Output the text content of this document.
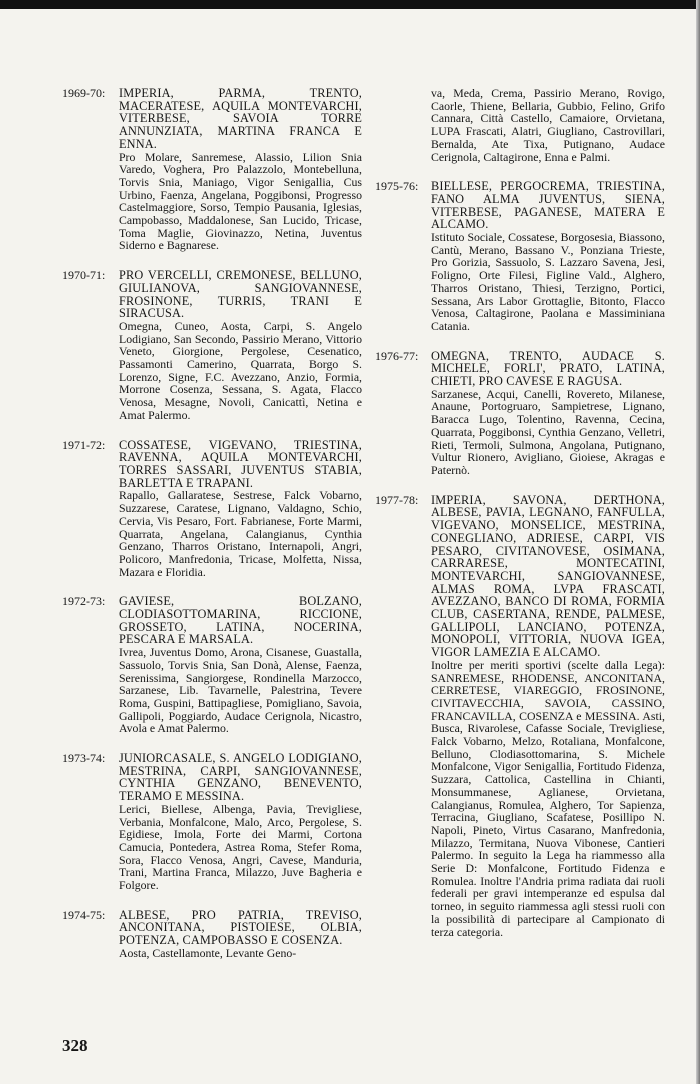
1969-70:	IMPERIA, PARMA, TRENTO, MACERATESE, AQUILA MONTEVARCHI, VITERBESE, SAVOIA TORRE ANNUNZIATA, MARTINA FRANCA E ENNA.

Pro Molare, Sanremese, Alassio, Lilion Snia Varedo, Voghera, Pro Palazzolo, Montebelluna, Torvis Snia, Maniago, Vigor Senigallia, Cus Urbino, Faenza, Angelana, Poggibonsi, Progresso Castelmaggiore, Sorso, Tempio Pausania, Iglesias, Campobasso, Maddalonese, San Lucido, Tricase, Toma Maglie, Giovinazzo, Netina, Juventus Siderno e Bagnarese.

1970-71:	PRO VERCELLI, CREMONESE, BELLUNO, GIULIANOVA, SANGIOVANNESE, FROSINONE, TURRIS, TRANI E SIRACUSA.

Omegna, Cuneo, Aosta, Carpi, S. Angelo Lodigiano, San Secondo, Passirio Merano, Vittorio Veneto, Giorgione, Pergolese, Cesenatico, Passamonti Camerino, Quarrata, Borgo S. Lorenzo, Signe, F.C. Avezzano, Anzio, Formia, Morrone Cosenza, Sessana, S. Agata, Flacco Venosa, Mesagne, Novoli, Canicattì, Netina e Amat Palermo.

1971-72:	COSSATESE, VIGEVANO, TRIESTINA, RAVENNA, AQUILA MONTEVARCHI, TORRES SASSARI, JUVENTUS STABIA, BARLETTA E TRAPANI.

Rapallo, Gallaratese, Sestrese, Falck Vobarno, Suzzarese, Caratese, Lignano, Valdagno, Schio, Cervia, Vis Pesaro, Fort. Fabrianese, Forte Marmi, Quarrata, Angelana, Calangianus, Cynthia Genzano, Tharros Oristano, Internapoli, Angri, Policoro, Manfredonia, Tricase, Molfetta, Nissa, Mazara e Floridia.

1972-73:	GAVIESE, BOLZANO, CLODIASOTTOMARINA, RICCIONE, GROSSETO, LATINA, NOCERINA, PESCARA E MARSALA.

Ivrea, Juventus Domo, Arona, Cisanese, Guastalla, Sassuolo, Torvis Snia, San Donà, Alense, Faenza, Serenissima, Sangiorgese, Rondinella Marzocco, Sarzanese, Lib. Tavarnelle, Palestrina, Tevere Roma, Guspini, Battipagliese, Pomigliano, Savoia, Gallipoli, Poggiardo, Audace Cerignola, Nicastro, Avola e Amat Palermo.

1973-74:	JUNIORCASALE, S. ANGELO LODIGIANO, MESTRINA, CARPI, SANGIOVANNESE, CYNTHIA GENZANO, BENEVENTO, TERAMO E MESSINA.

Lerici, Biellese, Albenga, Pavia, Trevigliese, Verbania, Monfalcone, Malo, Arco, Pergolese, S. Egidiese, Imola, Forte dei Marmi, Cortona Camucia, Pontedera, Astrea Roma, Stefer Roma, Sora, Flacco Venosa, Angri, Cavese, Manduria, Trani, Martina Franca, Milazzo, Juve Bagheria e Folgore.

1974-75:	ALBESE, PRO PATRIA, TREVISO, ANCONITANA, PISTOIESE, OLBIA, POTENZA, CAMPOBASSO E COSENZA.

Aosta, Castellamonte, Levante Geno-

va, Meda, Crema, Passirio Merano, Rovigo, Caorle, Thiene, Bellaria, Gubbio, Felino, Grifo Cannara, Città Castello, Camaiore, Orvietana, LUPA Frascati, Alatri, Giugliano, Castrovillari, Bernalda, Ate Tixa, Putignano, Audace Cerignola, Caltagirone, Enna e Palmi.

1975-76:	BIELLESE, PERGOCREMA, TRIESTINA, FANO ALMA JUVENTUS, SIENA, VITERBESE, PAGANESE, MATERA E ALCAMO.

Istituto Sociale, Cossatese, Borgosesia, Biassono, Cantù, Merano, Bassano V., Ponziana Trieste, Pro Gorizia, Sassuolo, S. Lazzaro Savena, Jesi, Foligno, Orte Filesi, Figline Vald., Alghero, Tharros Oristano, Thiesi, Terzigno, Portici, Sessana, Ars Labor Grottaglie, Bitonto, Flacco Venosa, Caltagirone, Paolana e Massiminiana Catania.

1976-77:	OMEGNA, TRENTO, AUDACE S. MICHELE, FORLI', PRATO, LATINA, CHIETI, PRO CAVESE E RAGUSA.

Sarzanese, Acqui, Canelli, Rovereto, Milanese, Anaune, Portogruaro, Sampietrese, Lignano, Baracca Lugo, Tolentino, Ravenna, Cecina, Quarrata, Poggibonsi, Cynthia Genzano, Velletri, Rieti, Termoli, Sulmona, Angolana, Putignano, Vultur Rionero, Avigliano, Gioiese, Akragas e Paternò.

1977-78:	IMPERIA, SAVONA, DERTHONA, ALBESE, PAVIA, LEGNANO, FANFULLA, VIGEVANO, MONSELICE, MESTRINA, CONEGLIANO, ADRIESE, CARPI, VIS PESARO, CIVITANOVESE, OSIMANA, CARRARESE, MONTECATINI, MONTEVARCHI, SANGIOVANNESE, ALMAS ROMA, LVPA FRASCATI, AVEZZANO, BANCO DI ROMA, FORMIA CLUB, CASERTANA, RENDE, PALMESE, GALLIPOLI, LANCIANO, POTENZA, MONOPOLI, VITTORIA, NUOVA IGEA, VIGOR LAMEZIA E ALCAMO.

Inoltre per meriti sportivi (scelte dalla Lega): SANREMESE, RHODENSE, ANCONITANA, CERRETESE, VIAREGGIO, FROSINONE, CIVITAVECCHIA, SAVOIA, CASSINO, FRANCAVILLA, COSENZA e MESSINA. Asti, Busca, Rivarolese, Cafasse Sociale, Trevigliese, Falck Vobarno, Melzo, Rotaliana, Monfalcone, Belluno, Clodiasottomarina, S. Michele Monfalcone, Vigor Senigallia, Fortitudo Fidenza, Suzzara, Cattolica, Castellina in Chianti, Monsummanese, Aglianese, Orvietana, Calangianus, Romulea, Alghero, Tor Sapienza, Terracina, Giugliano, Scafatese, Posillipo N. Napoli, Pineto, Virtus Casarano, Manfredonia, Milazzo, Termitana, Nuova Vibonese, Cantieri Palermo. In seguito la Lega ha riammesso alla Serie D: Monfalcone, Fortitudo Fidenza e Romulea. Inoltre l'Andria prima radiata dai ruoli federali per gravi intemperanze ed espulsa dal torneo, in seguito riammessa agli stessi ruoli con la possibilità di partecipare al Campionato di terza categoria.

328
